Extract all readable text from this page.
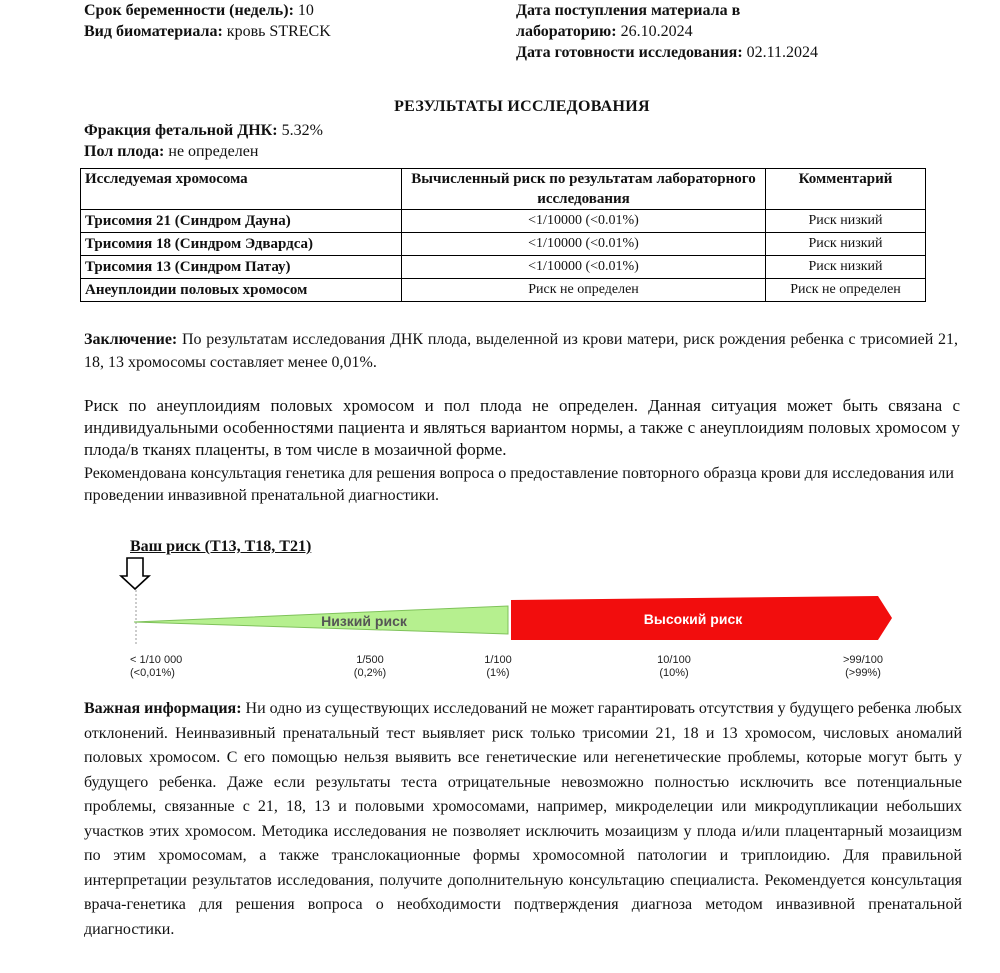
Срок беременности (недель): 10
Вид биоматериала: кровь STRECK
Дата поступления материала в
лабораторию: 26.10.2024
Дата готовности исследования: 02.11.2024
РЕЗУЛЬТАТЫ ИССЛЕДОВАНИЯ
Фракция фетальной ДНК: 5.32%
Пол плода: не определен
Исследуемая хромосома	Вычисленный риск по результатам лабораторного исследования	Комментарий
Трисомия 21 (Синдром Дауна)	<1/10000 (<0.01%)	Риск низкий
Трисомия 18 (Синдром Эдвардса)	<1/10000 (<0.01%)	Риск низкий
Трисомия 13 (Синдром Патау)	<1/10000 (<0.01%)	Риск низкий
Анеуплоидии половых хромосом	Риск не определен	Риск не определен
Заключение: По результатам исследования ДНК плода, выделенной из крови матери, риск рождения ребенка с трисомией 21, 18, 13 хромосомы составляет менее 0,01%.
Риск по анеуплоидиям половых хромосом и пол плода не определен. Данная ситуация может быть связана с индивидуальными особенностями пациента и являться вариантом нормы, а также с анеуплоидиям половых хромосом у плода/в тканях плаценты, в том числе в мозаичной форме.
Рекомендована консультация генетика для решения вопроса о предоставление повторного образца крови для исследования или проведении инвазивной пренатальной диагностики.
Ваш риск (Т13, Т18, Т21)
Низкий риск	Высокий риск
< 1/10 000
(<0,01%)
1/500
(0,2%)
1/100
(1%)
10/100
(10%)
>99/100
(>99%)
Важная информация: Ни одно из существующих исследований не может гарантировать отсутствия у будущего ребенка любых отклонений. Неинвазивный пренатальный тест выявляет риск только трисомии 21, 18 и 13 хромосом, числовых аномалий половых хромосом. С его помощью нельзя выявить все генетические или негенетические проблемы, которые могут быть у будущего ребенка. Даже если результаты теста отрицательные невозможно полностью исключить все потенциальные проблемы, связанные с 21, 18, 13 и половыми хромосомами, например, микроделеции или микродупликации небольших участков этих хромосом. Методика исследования не позволяет исключить мозаицизм у плода и/или плацентарный мозаицизм по этим хромосомам, а также транслокационные формы хромосомной патологии и триплоидию. Для правильной интерпретации результатов исследования, получите дополнительную консультацию специалиста. Рекомендуется консультация врача-генетика для решения вопроса о необходимости подтверждения диагноза методом инвазивной пренатальной диагностики.
